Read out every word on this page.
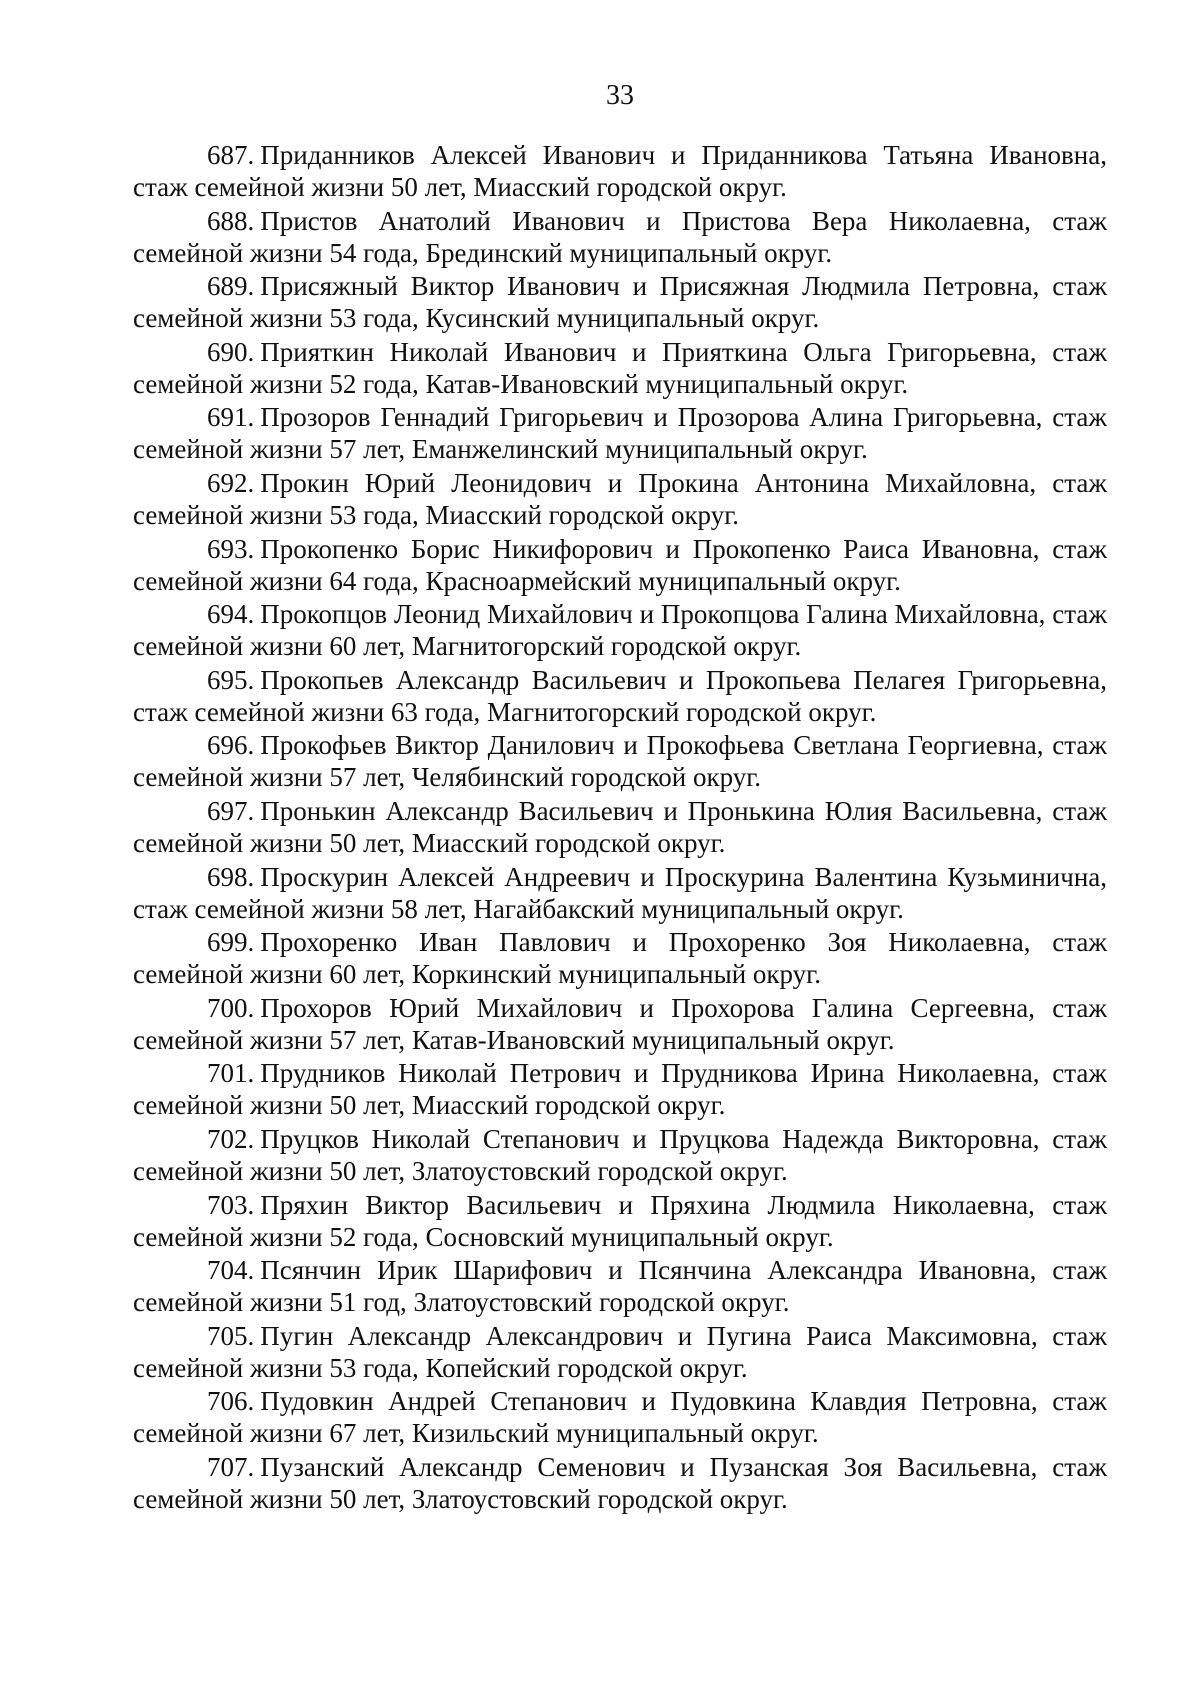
33

687. Приданников Алексей Иванович и Приданникова Татьяна Ивановна, стаж семейной жизни 50 лет, Миасский городской округ.

688. Пристов Анатолий Иванович и Пристова Вера Николаевна, стаж семейной жизни 54 года, Брединский муниципальный округ.

689. Присяжный Виктор Иванович и Присяжная Людмила Петровна, стаж семейной жизни 53 года, Кусинский муниципальный округ.

690. Прияткин Николай Иванович и Прияткина Ольга Григорьевна, стаж семейной жизни 52 года, Катав-Ивановский муниципальный округ.

691. Прозоров Геннадий Григорьевич и Прозорова Алина Григорьевна, стаж семейной жизни 57 лет, Еманжелинский муниципальный округ.

692. Прокин Юрий Леонидович и Прокина Антонина Михайловна, стаж семейной жизни 53 года, Миасский городской округ.

693. Прокопенко Борис Никифорович и Прокопенко Раиса Ивановна, стаж семейной жизни 64 года, Красноармейский муниципальный округ.

694. Прокопцов Леонид Михайлович и Прокопцова Галина Михайловна, стаж семейной жизни 60 лет, Магнитогорский городской округ.

695. Прокопьев Александр Васильевич и Прокопьева Пелагея Григорьевна, стаж семейной жизни 63 года, Магнитогорский городской округ.

696. Прокофьев Виктор Данилович и Прокофьева Светлана Георгиевна, стаж семейной жизни 57 лет, Челябинский городской округ.

697. Пронькин Александр Васильевич и Пронькина Юлия Васильевна, стаж семейной жизни 50 лет, Миасский городской округ.

698. Проскурин Алексей Андреевич и Проскурина Валентина Кузьминична, стаж семейной жизни 58 лет, Нагайбакский муниципальный округ.

699. Прохоренко Иван Павлович и Прохоренко Зоя Николаевна, стаж семейной жизни 60 лет, Коркинский муниципальный округ.

700. Прохоров Юрий Михайлович и Прохорова Галина Сергеевна, стаж семейной жизни 57 лет, Катав-Ивановский муниципальный округ.

701. Прудников Николай Петрович и Прудникова Ирина Николаевна, стаж семейной жизни 50 лет, Миасский городской округ.

702. Пруцков Николай Степанович и Пруцкова Надежда Викторовна, стаж семейной жизни 50 лет, Златоустовский городской округ.

703. Пряхин Виктор Васильевич и Пряхина Людмила Николаевна, стаж семейной жизни 52 года, Сосновский муниципальный округ.

704. Псянчин Ирик Шарифович и Псянчина Александра Ивановна, стаж семейной жизни 51 год, Златоустовский городской округ.

705. Пугин Александр Александрович и Пугина Раиса Максимовна, стаж семейной жизни 53 года, Копейский городской округ.

706. Пудовкин Андрей Степанович и Пудовкина Клавдия Петровна, стаж семейной жизни 67 лет, Кизильский муниципальный округ.

707. Пузанский Александр Семенович и Пузанская Зоя Васильевна, стаж семейной жизни 50 лет, Златоустовский городской округ.
